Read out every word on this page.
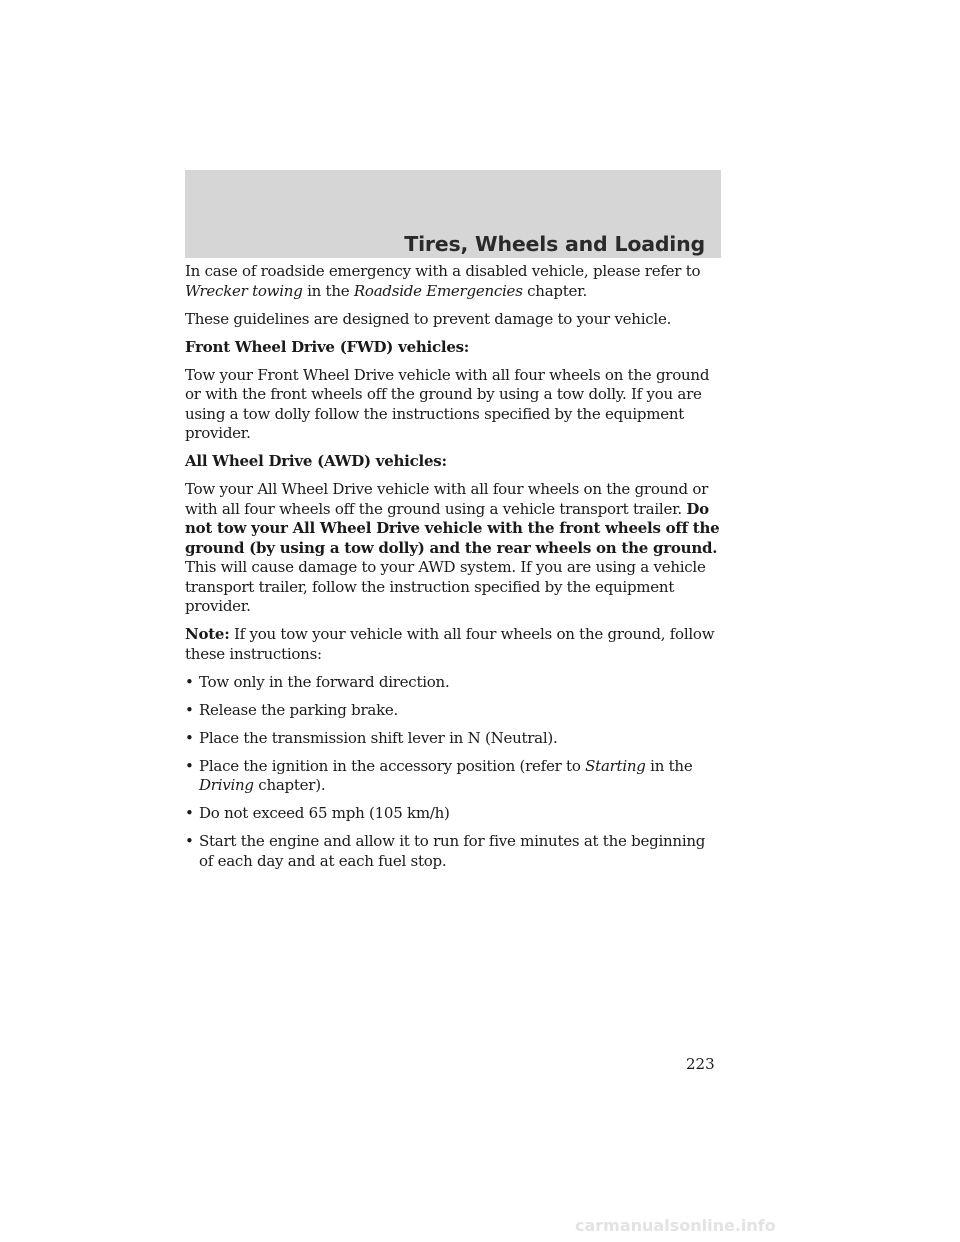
Tires, Wheels and Loading

In case of roadside emergency with a disabled vehicle, please refer to Wrecker towing in the Roadside Emergencies chapter.

These guidelines are designed to prevent damage to your vehicle.

Front Wheel Drive (FWD) vehicles:

Tow your Front Wheel Drive vehicle with all four wheels on the ground or with the front wheels off the ground by using a tow dolly. If you are using a tow dolly follow the instructions specified by the equipment provider.

All Wheel Drive (AWD) vehicles:

Tow your All Wheel Drive vehicle with all four wheels on the ground or with all four wheels off the ground using a vehicle transport trailer. Do not tow your All Wheel Drive vehicle with the front wheels off the ground (by using a tow dolly) and the rear wheels on the ground. This will cause damage to your AWD system. If you are using a vehicle transport trailer, follow the instruction specified by the equipment provider.

Note: If you tow your vehicle with all four wheels on the ground, follow these instructions:

• Tow only in the forward direction.
• Release the parking brake.
• Place the transmission shift lever in N (Neutral).
• Place the ignition in the accessory position (refer to Starting in the Driving chapter).
• Do not exceed 65 mph (105 km/h)
• Start the engine and allow it to run for five minutes at the beginning of each day and at each fuel stop.
223
carmanualsonline.info
